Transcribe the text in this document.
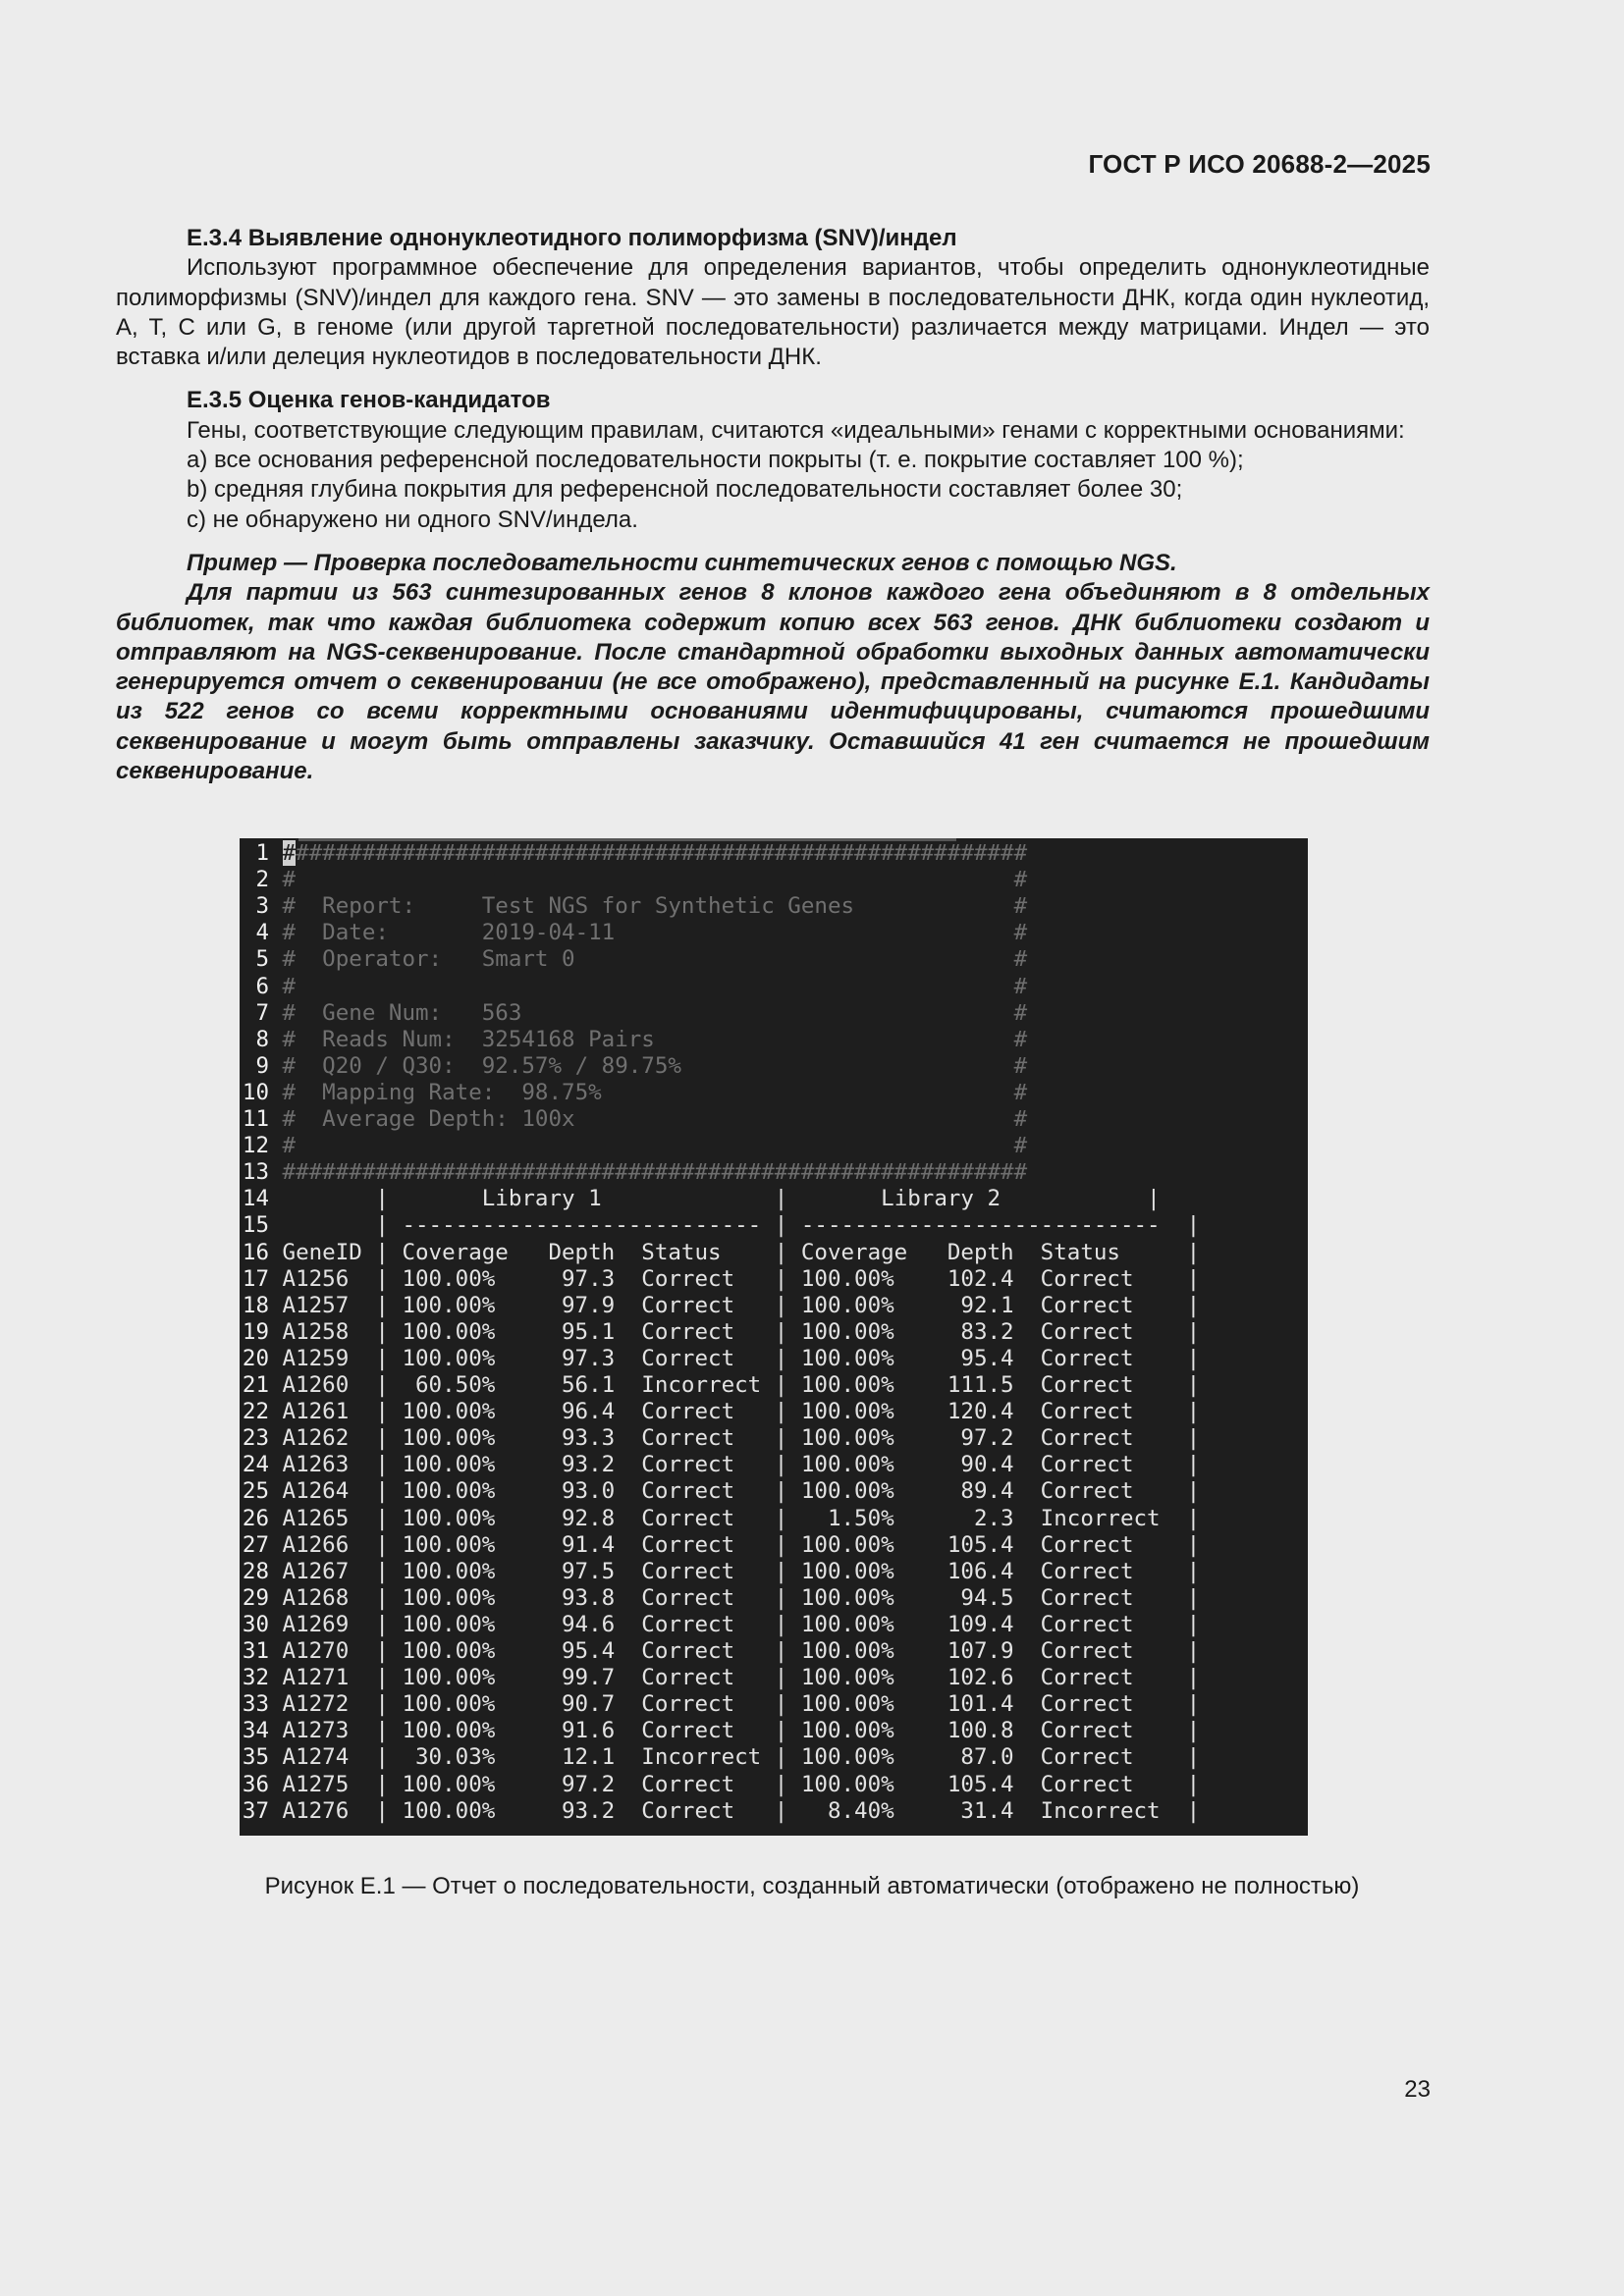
ГОСТ Р ИСО 20688-2—2025

Е.3.4 Выявление однонуклеотидного полиморфизма (SNV)/индел

Используют программное обеспечение для определения вариантов, чтобы определить однонуклеотидные полиморфизмы (SNV)/индел для каждого гена. SNV — это замены в последовательности ДНК, когда один нуклеотид, A, T, C или G, в геноме (или другой таргетной последовательности) различается между матрицами. Индел — это вставка и/или делеция нуклеотидов в последовательности ДНК.

Е.3.5 Оценка генов-кандидатов

Гены, соответствующие следующим правилам, считаются «идеальными» генами с корректными основаниями:

a) все основания референсной последовательности покрыты (т. е. покрытие составляет 100 %);

b) средняя глубина покрытия для референсной последовательности составляет более 30;

c) не обнаружено ни одного SNV/индела.

Пример — Проверка последовательности синтетических генов с помощью NGS.

Для партии из 563 синтезированных генов 8 клонов каждого гена объединяют в 8 отдельных библиотек, так что каждая библиотека содержит копию всех 563 генов. ДНК библиотеки создают и отправляют на NGS-секвенирование. После стандартной обработки выходных данных автоматически генерируется отчет о секвенировании (не все отображено), представленный на рисунке Е.1. Кандидаты из 522 генов со всеми корректными основаниями идентифицированы, считаются прошедшими секвенирование и могут быть отправлены заказчику. Оставшийся 41 ген считается не прошедшим секвенирование.

1 ########################################################
2 #	#
3 #  Report:     Test NGS for Synthetic Genes            #
4 #  Date:       2019-04-11                              #
5 #  Operator:   Smart 0                                 #
6 #	#
7 #  Gene Num:   563                                     #
8 #  Reads Num:  3254168 Pairs                           #
9 #  Q20 / Q30:  92.57% / 89.75%                         #
10 #  Mapping Rate:  98.75%                               #
11 #  Average Depth: 100x                                 #
12 #	#
13 ########################################################
14        |       Library 1             |       Library 2           |
15        | --------------------------- | ---------------------------  |
16 GeneID | Coverage   Depth  Status    | Coverage   Depth  Status     |
17 A1256  | 100.00%     97.3  Correct   | 100.00%    102.4  Correct    |
18 A1257  | 100.00%     97.9  Correct   | 100.00%     92.1  Correct    |
19 A1258  | 100.00%     95.1  Correct   | 100.00%     83.2  Correct    |
20 A1259  | 100.00%     97.3  Correct   | 100.00%     95.4  Correct    |
21 A1260  |  60.50%     56.1  Incorrect | 100.00%    111.5  Correct    |
22 A1261  | 100.00%     96.4  Correct   | 100.00%    120.4  Correct    |
23 A1262  | 100.00%     93.3  Correct   | 100.00%     97.2  Correct    |
24 A1263  | 100.00%     93.2  Correct   | 100.00%     90.4  Correct    |
25 A1264  | 100.00%     93.0  Correct   | 100.00%     89.4  Correct    |
26 A1265  | 100.00%     92.8  Correct   |   1.50%      2.3  Incorrect  |
27 A1266  | 100.00%     91.4  Correct   | 100.00%    105.4  Correct    |
28 A1267  | 100.00%     97.5  Correct   | 100.00%    106.4  Correct    |
29 A1268  | 100.00%     93.8  Correct   | 100.00%     94.5  Correct    |
30 A1269  | 100.00%     94.6  Correct   | 100.00%    109.4  Correct    |
31 A1270  | 100.00%     95.4  Correct   | 100.00%    107.9  Correct    |
32 A1271  | 100.00%     99.7  Correct   | 100.00%    102.6  Correct    |
33 A1272  | 100.00%     90.7  Correct   | 100.00%    101.4  Correct    |
34 A1273  | 100.00%     91.6  Correct   | 100.00%    100.8  Correct    |
35 A1274  |  30.03%     12.1  Incorrect | 100.00%     87.0  Correct    |
36 A1275  | 100.00%     97.2  Correct   | 100.00%    105.4  Correct    |
37 A1276  | 100.00%     93.2  Correct   |   8.40%     31.4  Incorrect  |
Рисунок Е.1 — Отчет о последовательности, созданный автоматически (отображено не полностью)
23
